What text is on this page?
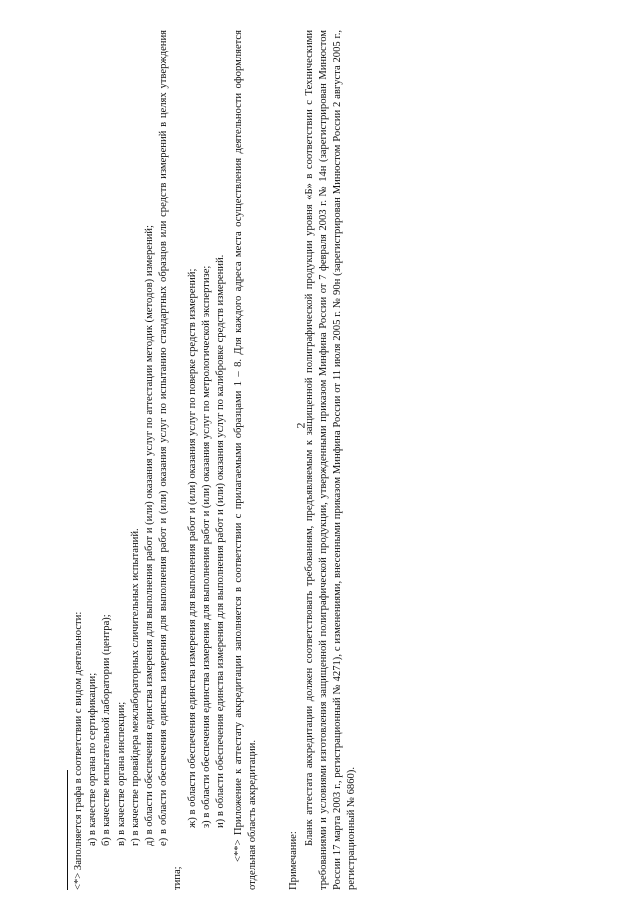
2

<*> Заполняется графа в соответствии с видом деятельности: а) в качестве органа по сертификации; б) в качестве испытательной лаборатории (центра); в) в качестве органа инспекции; г) в качестве провайдера межлабораторных сличительных испытаний. д) в области обеспечения единства измерения для выполнения работ и (или) оказания услуг по аттестации методик (методов) измерений; е) в области обеспечения единства измерения для выполнения работ и (или) оказания услуг по испытанию стандартных образцов или средств измерений в целях утверждения типа;

ж) в области обеспечения единства измерения для выполнения работ и (или) оказания услуг по поверке средств измерений; з) в области обеспечения единства измерения для выполнения работ и (или) оказания услуг по метрологической экспертизе; и) в области обеспечения единства измерения для выполнения работ и (или) оказания услуг по калибровке средств измерений. <**> Приложение к аттестату аккредитации заполняется в соответствии с прилагаемыми образцами 1 – 8. Для каждого адреса места осуществления деятельности оформляется отдельная область аккредитации.	Примечание:

Бланк аттестата аккредитации должен соответствовать требованиям, предъявляемым к защищенной полиграфической продукции уровня «Б» в соответствии с Техническими требованиями и условиями изготовления защищенной полиграфической продукции, утвержденными приказом Минфина России от 7 февраля 2003 г. № 14н (зарегистрирован Минюстом России 17 марта 2003 г., регистрационный № 4271), с изменениями, внесенными приказом Минфина России от 11 июля 2005 г. № 90н (зарегистрирован Минюстом России 2 августа 2005 г., регистрационный № 6860).
